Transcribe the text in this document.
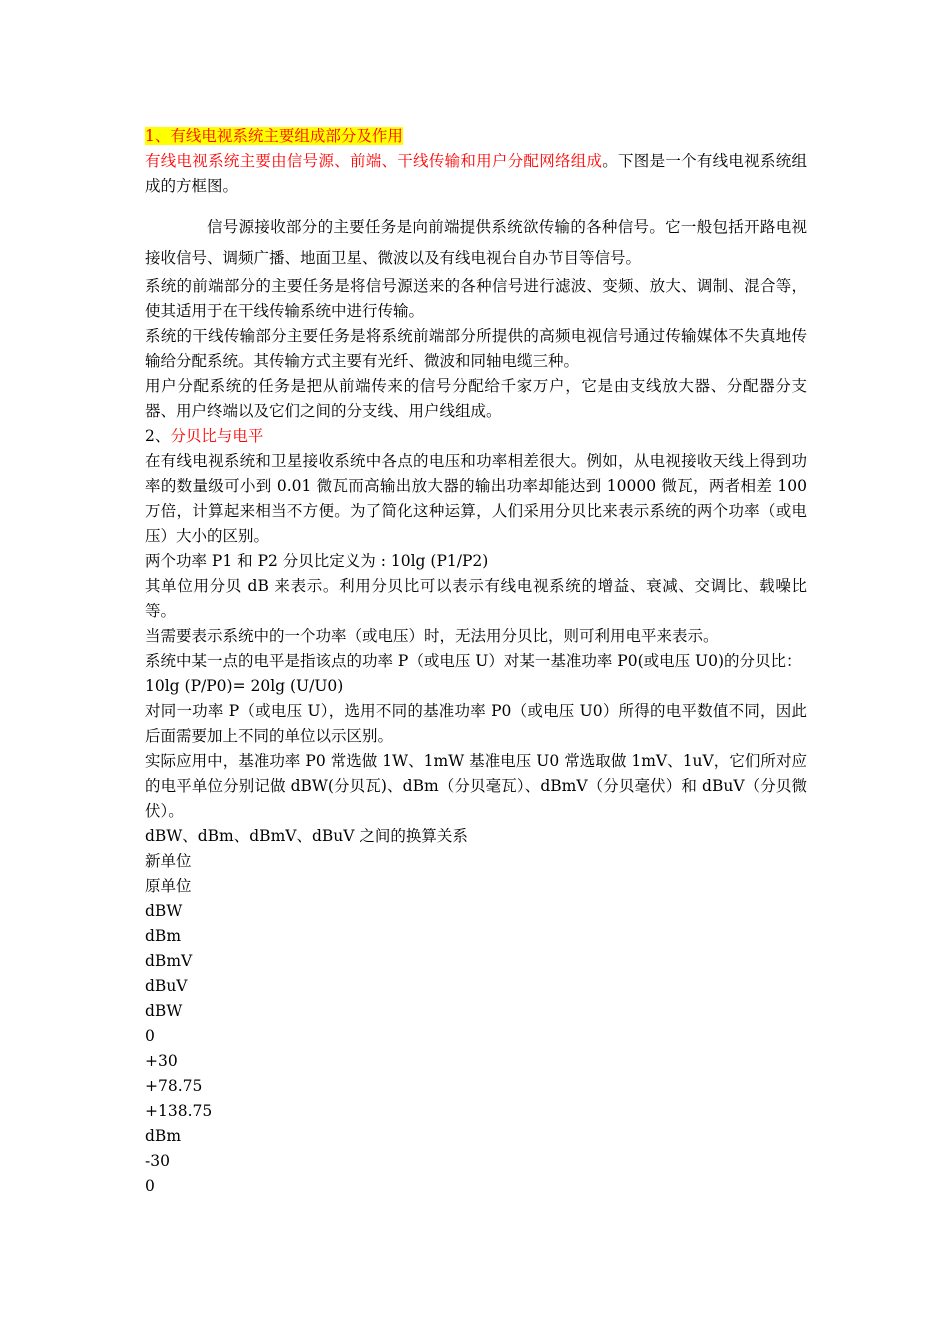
1、有线电视系统主要组成部分及作用

有线电视系统主要由信号源、前端、干线传输和用户分配网络组成。下图是一个有线电视系统组成的方框图。

信号源接收部分的主要任务是向前端提供系统欲传输的各种信号。它一般包括开路电视接收信号、调频广播、地面卫星、微波以及有线电视台自办节目等信号。

系统的前端部分的主要任务是将信号源送来的各种信号进行滤波、变频、放大、调制、混合等，使其适用于在干线传输系统中进行传输。

系统的干线传输部分主要任务是将系统前端部分所提供的高频电视信号通过传输媒体不失真地传输给分配系统。其传输方式主要有光纤、微波和同轴电缆三种。

用户分配系统的任务是把从前端传来的信号分配给千家万户，它是由支线放大器、分配器分支器、用户终端以及它们之间的分支线、用户线组成。

2、分贝比与电平

在有线电视系统和卫星接收系统中各点的电压和功率相差很大。例如，从电视接收天线上得到功率的数量级可小到 0.01 微瓦而高输出放大器的输出功率却能达到 10000 微瓦，两者相差 100 万倍，计算起来相当不方便。为了简化这种运算，人们采用分贝比来表示系统的两个功率（或电压）大小的区别。

两个功率 P1 和 P2 分贝比定义为 : 10lg (P1/P2)

其单位用分贝 dB 来表示。利用分贝比可以表示有线电视系统的增益、衰减、交调比、载噪比等。

当需要表示系统中的一个功率（或电压）时，无法用分贝比，则可利用电平来表示。

系统中某一点的电平是指该点的功率 P（或电压 U）对某一基准功率 P0(或电压 U0)的分贝比：

10lg (P/P0)= 20lg (U/U0)

对同一功率 P（或电压 U），选用不同的基准功率 P0（或电压 U0）所得的电平数值不同，因此后面需要加上不同的单位以示区别。

实际应用中，基准功率 P0 常选做 1W、1mW 基准电压 U0 常选取做 1mV、1uV，它们所对应的电平单位分别记做 dBW(分贝瓦)、dBm（分贝毫瓦）、dBmV（分贝毫伏）和 dBuV（分贝微伏）。

dBW、dBm、dBmV、dBuV 之间的换算关系

新单位
原单位
dBW
dBm
dBmV
dBuV
dBW
0
+30
+78.75
+138.75
dBm
-30
0
